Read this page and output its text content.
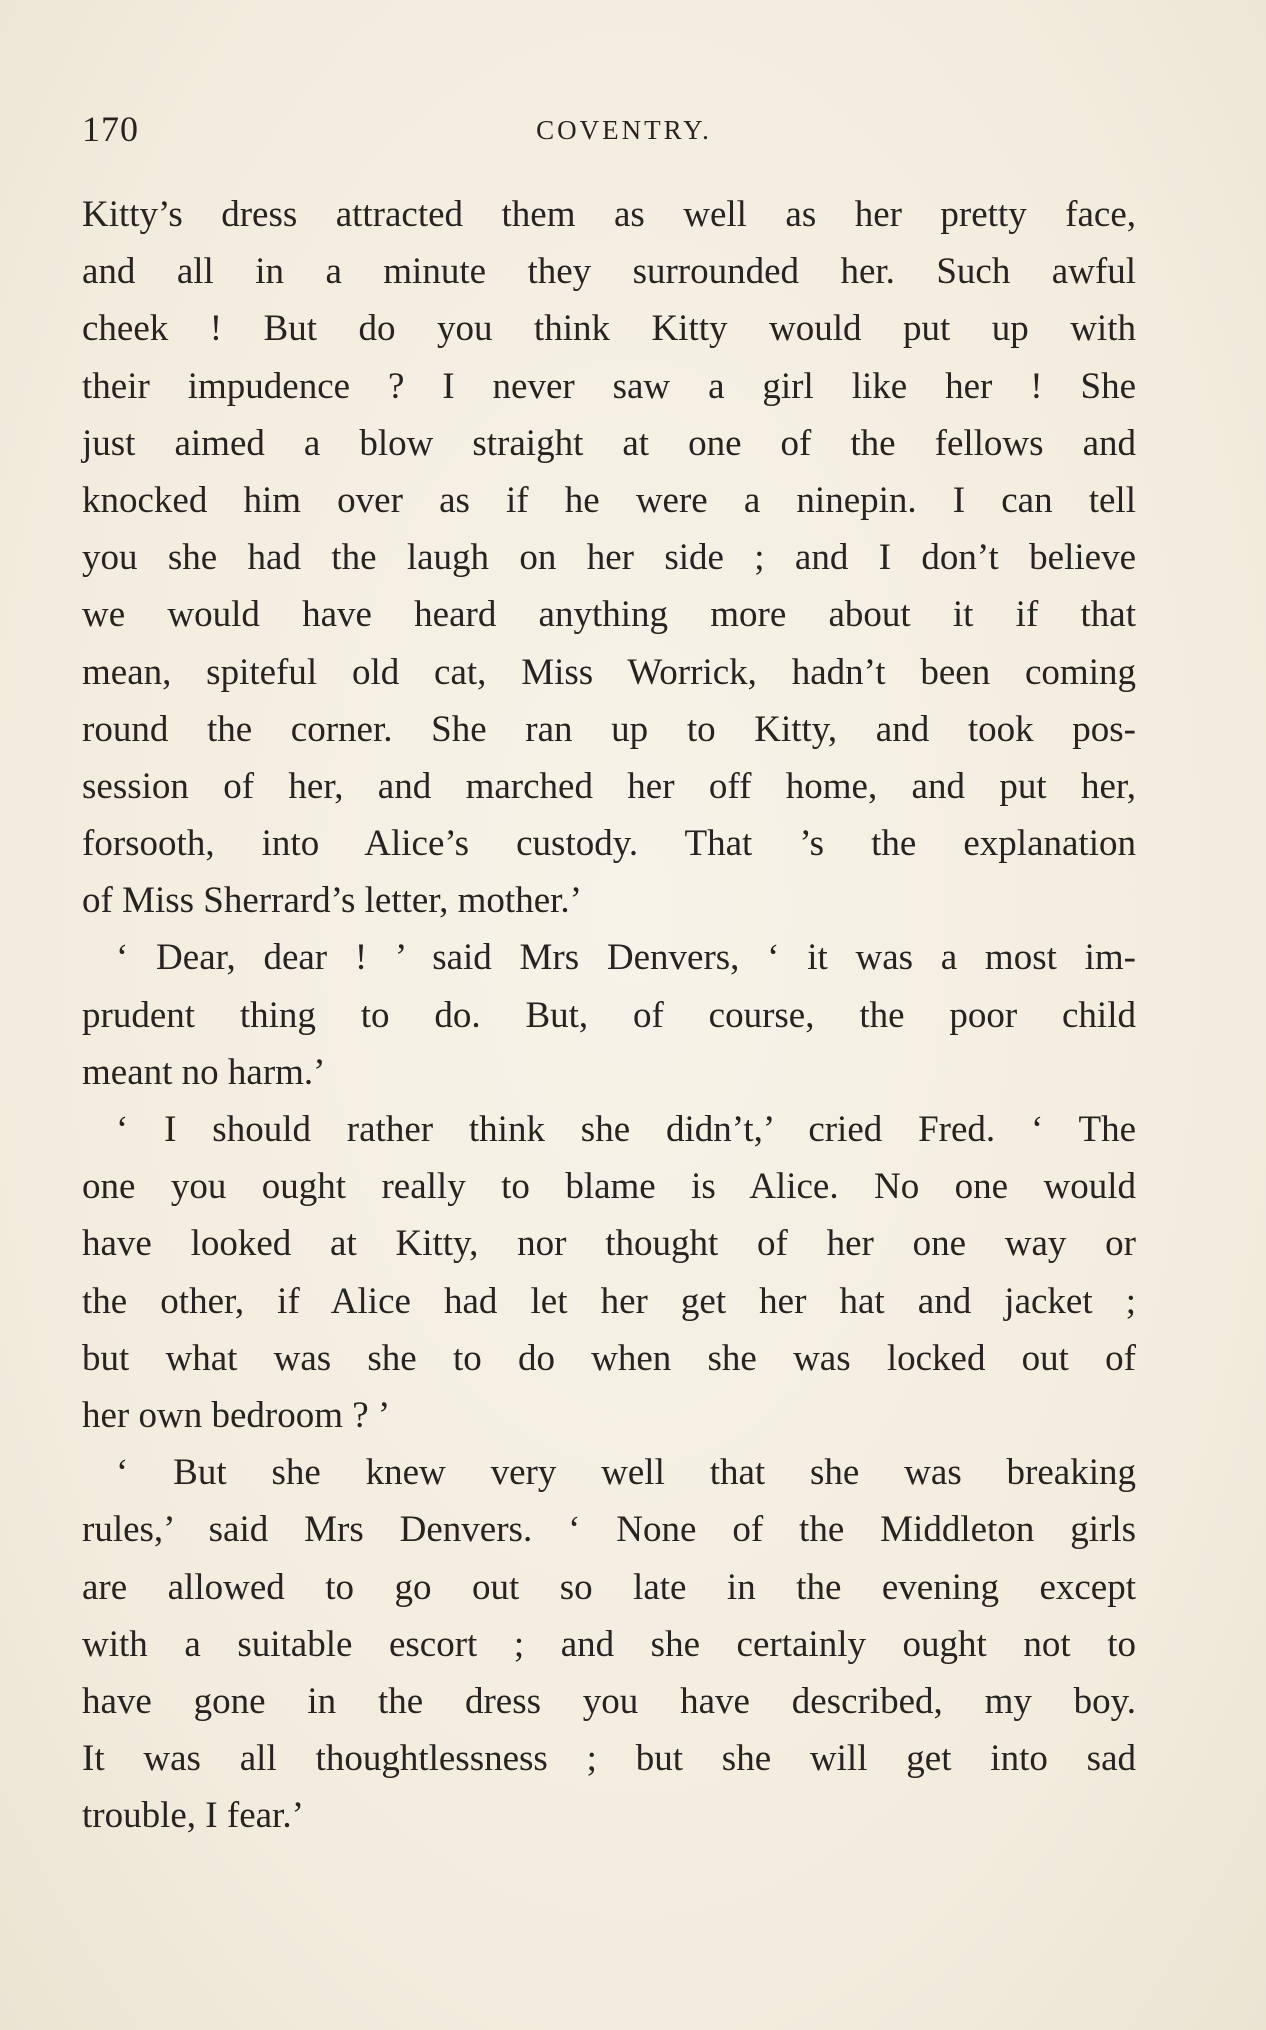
170	COVENTRY.
Kitty’s dress attracted them as well as her pretty face,
and all in a minute they surrounded her. Such awful
cheek ! But do you think Kitty would put up with
their impudence ? I never saw a girl like her ! She
just aimed a blow straight at one of the fellows and
knocked him over as if he were a ninepin. I can tell
you she had the laugh on her side ; and I don’t believe
we would have heard anything more about it if that
mean, spiteful old cat, Miss Worrick, hadn’t been coming
round the corner. She ran up to Kitty, and took pos-
session of her, and marched her off home, and put her,
forsooth, into Alice’s custody. That ’s the explanation
of Miss Sherrard’s letter, mother.’
‘ Dear, dear ! ’ said Mrs Denvers, ‘ it was a most im-
prudent thing to do. But, of course, the poor child
meant no harm.’
‘ I should rather think she didn’t,’ cried Fred. ‘ The
one you ought really to blame is Alice. No one would
have looked at Kitty, nor thought of her one way or
the other, if Alice had let her get her hat and jacket ;
but what was she to do when she was locked out of
her own bedroom ? ’
‘ But she knew very well that she was breaking
rules,’ said Mrs Denvers. ‘ None of the Middleton girls
are allowed to go out so late in the evening except
with a suitable escort ; and she certainly ought not to
have gone in the dress you have described, my boy.
It was all thoughtlessness ; but she will get into sad
trouble, I fear.’
